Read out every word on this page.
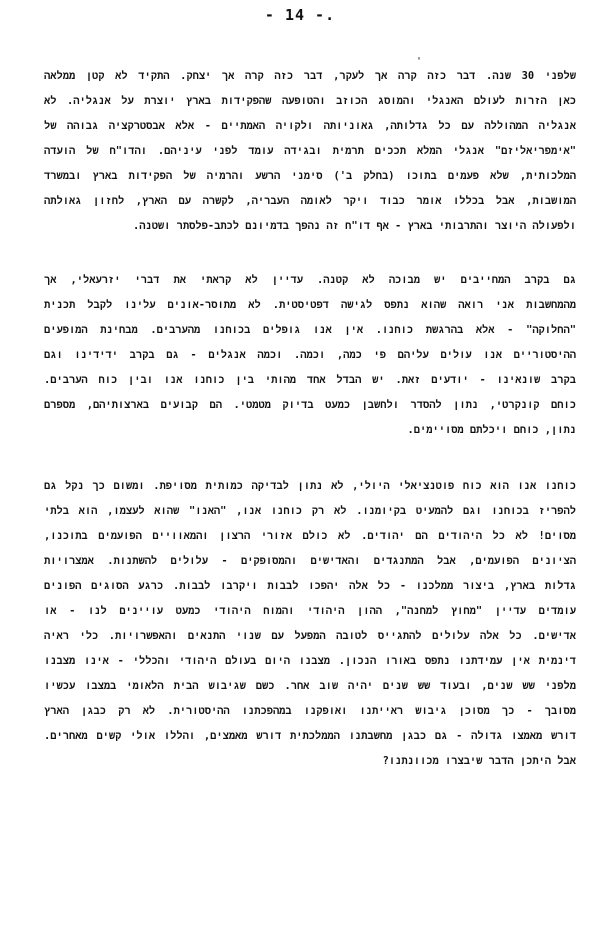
- 14 -.
'
שלפני 30 שנה. דבר כזה קרה אך לעקר, דבר כזה קרה אך יצחק. התקיד לא קטן ממלאה
כאן הזרות לעולם האנגלי והמוסג הכוזב והטופעה שהפקידות בארץ יוצרת על אנגליה. לא
אנגליה המהוללה עם כל גדלותה, גאוניותה ולקויה האמתיים - אלא אבסטרקציה גבוהה של
"אימפריאליזם" אנגלי המלא תככים תרמית ובגידה עומד לפני עיניהם. והדו"ח של הועדה
המלכותית, שלא פעמים בתוכו (בחלק ב') סימני הרשע והרמיה של הפקידות בארץ ובמשרד
המושבות, אבל בכללו אומר כבוד ויקר לאומה העבריה, לקשרה עם הארץ, לחזון גאולתה
ולפעולה היוצר והתרבותי בארץ - אף דו"ח זה נהפך בדמיונם לכתב-פלסתר ושטנה.
גם בקרב המחייבים יש מבוכה לא קטנה. עדיין לא קראתי את דברי יזרעאלי, אך
מהמחשבות אני רואה שהוא נתפס לגישה דפטיסטית. לא מתוסר-אונים עלינו לקבל תכנית
"החלוקה" - אלא בהרגשת כוחנו. אין אנו גופלים בכוחנו מהערבים. מבחינת המופעים
ההיסטוריים אנו עולים עליהם פי כמה, וכמה. וכמה אנגלים - גם בקרב ידידינו וגם
בקרב שונאינו - יודעים זאת. יש הבדל אחד מהותי בין כוחנו אנו ובין כוח הערבים.
כוחם קונקרטי, נתון להסדר ולחשבן כמעט בדיוק מטמטי. הם קבועים בארצותיהם, מספרם
נתון, כוחם ויכלתם מסויימים.
כוחנו אנו הוא כוח פוטנציאלי היולי, לא נתון לבדיקה כמותית מסויפת. ומשום כך נקל גם
להפריז בכוחנו וגם להמעיט בקיומנו. לא רק כוחנו אנו, "האנו" שהוא לעצמו, הוא בלתי
מסוים! לא כל היהודים הם יהודים. לא כולם אזורי הרצון והמאוויים הפועמים בתוכנו,
הציונים הפועמים, אבל המתנגדים והאדישים והמסופקים - עלולים להשתנות. אמצרויות
גדלות בארץ, ביצור ממלכנו - כל אלה יהפכו לבבות ויקרבו לבבות. כרגע הסוגים הפונים
עומדים עדיין "מחוץ למחנה", ההון היהודי והמוח היהודי כמעט עויינים לנו - או
אדישים. כל אלה עלולים להתגייס לטובה המפעל עם שנוי התנאים והאפשרויות. כלי ראיה
דינמית אין עמידתנו נתפס באורו הנכון. מצבנו היום בעולם היהודי והכללי - אינו מצבנו
מלפני שש שנים, ובעוד שש שנים יהיה שוב אחר. כשם שגיבוש הבית הלאומי במצבו עכשיו
מסובך - כך מסוכן גיבוש ראייתנו ואופקנו במהפכתנו ההיסטורית. לא רק כבגן הארץ
דורש מאמצו גדולה - גם כבגן מחשבתנו הממלכתית דורש מאמצים, והללו אולי קשים מאחרים.
אבל היתכן הדבר שיבצרו מכוונתנו?
